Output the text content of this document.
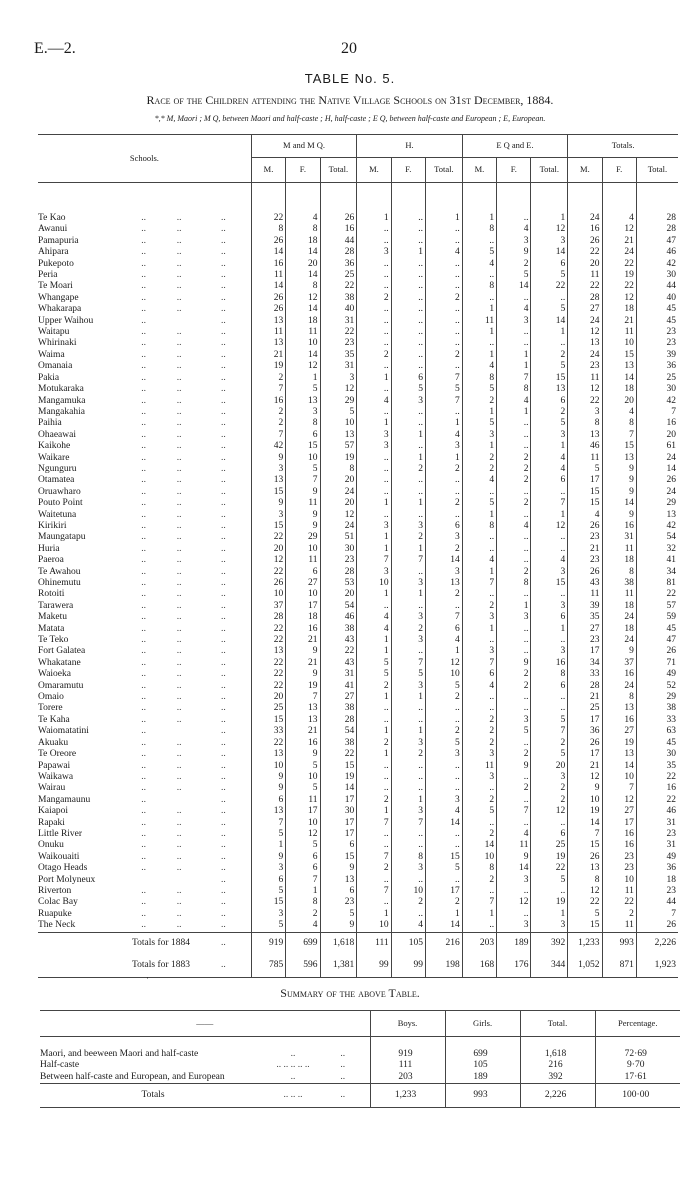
E.—2.	20
TABLE No. 5.
Race of the Children attending the Native Village Schools on 31st December, 1884.
*,* M, Maori ; M Q, between Maori and half-caste ; H, half-caste ; E Q, between half-caste and European ; E, European.
Schools.				M and M Q.			H.			E Q and E.			Totals.		
				M.	F.	Total.	M.	F.	Total.	M.	F.	Total.	M.	F.	Total.

Te Kao	..	..	..	22	4	26	1	..	1	1	..	1	24	4	28
Awanui	..	..	..	8	8	16	..	..	..	8	4	12	16	12	28
Pamapuria	..	..	..	26	18	44	..	..	..	..	3	3	26	21	47
Ahipara	..	..	..	14	14	28	3	1	4	5	9	14	22	24	46
Pukepoto	..	..	..	16	20	36	..	..	..	4	2	6	20	22	42
Peria	..	..	..	11	14	25	..	..	..	..	5	5	11	19	30
Te Moari	..	..	..	14	8	22	..	..	..	8	14	22	22	22	44
Whangape	..	..	..	26	12	38	2	..	2	..	..	..	28	12	40
Whakarapa	..	..	..	26	14	40	..	..	..	1	4	5	27	18	45
Upper Waihou	..		..	13	18	31	..	..	..	11	3	14	24	21	45
Waitapu	..	..	..	11	11	22	..	..	..	1	..	1	12	11	23
Whirinaki	..	..	..	13	10	23	..	..	..	..	..	..	13	10	23
Waima	..	..	..	21	14	35	2	..	2	1	1	2	24	15	39
Omanaia	..	..	..	19	12	31	..	..	..	4	1	5	23	13	36
Pakia	..	..	..	2	1	3	1	6	7	8	7	15	11	14	25
Motukaraka	..	..	..	7	5	12	..	5	5	5	8	13	12	18	30
Mangamuka	..	..	..	16	13	29	4	3	7	2	4	6	22	20	42
Mangakahia	..	..	..	2	3	5	..	..	..	1	1	2	3	4	7
Paihia	..	..	..	2	8	10	1	..	1	5	..	5	8	8	16
Ohaeawai	..	..	..	7	6	13	3	1	4	3	..	3	13	7	20
Kaikohe	..	..	..	42	15	57	3	..	3	1	..	1	46	15	61
Waikare	..	..	..	9	10	19	..	1	1	2	2	4	11	13	24
Ngunguru	..	..	..	3	5	8	..	2	2	2	2	4	5	9	14
Otamatea	..	..	..	13	7	20	..	..	..	4	2	6	17	9	26
Oruawharo	..	..	..	15	9	24	..	..	..	..	..	..	15	9	24
Pouto Point	..	..	..	9	11	20	1	1	2	5	2	7	15	14	29
Waitetuna	..	..	..	3	9	12	..	..	..	1	..	1	4	9	13
Kirikiri	..	..	..	15	9	24	3	3	6	8	4	12	26	16	42
Maungatapu	..	..	..	22	29	51	1	2	3	..	..	..	23	31	54
Huria	..	..	..	20	10	30	1	1	2	..	..	..	21	11	32
Paeroa	..	..	..	12	11	23	7	7	14	4	..	4	23	18	41
Te Awahou	..	..	..	22	6	28	3	..	3	1	2	3	26	8	34
Ohinemutu	..	..	..	26	27	53	10	3	13	7	8	15	43	38	81
Rotoiti	..	..	..	10	10	20	1	1	2	..	..	..	11	11	22
Tarawera	..	..	..	37	17	54	..	..	..	2	1	3	39	18	57
Maketu	..	..	..	28	18	46	4	3	7	3	3	6	35	24	59
Matata	..	..	..	22	16	38	4	2	6	1	..	1	27	18	45
Te Teko	..	..	..	22	21	43	1	3	4	..	..	..	23	24	47
Fort Galatea	..	..	..	13	9	22	1	..	1	3	..	3	17	9	26
Whakatane	..	..	..	22	21	43	5	7	12	7	9	16	34	37	71
Waioeka	..	..	..	22	9	31	5	5	10	6	2	8	33	16	49
Omaramutu	..	..	..	22	19	41	2	3	5	4	2	6	28	24	52
Omaio	..	..	..	20	7	27	1	1	2	..	..	..	21	8	29
Torere	..	..	..	25	13	38	..	..	..	..	..	..	25	13	38
Te Kaha	..	..	..	15	13	28	..	..	..	2	3	5	17	16	33
Waiomatatini	..		..	33	21	54	1	1	2	2	5	7	36	27	63
Akuaku	..	..	..	22	16	38	2	3	5	2	..	2	26	19	45
Te Oreore	..	..	..	13	9	22	1	2	3	3	2	5	17	13	30
Papawai	..	..	..	10	5	15	..	..	..	11	9	20	21	14	35
Waikawa	..	..	..	9	10	19	..	..	..	3	..	3	12	10	22
Wairau	..	..	..	9	5	14	..	..	..	..	2	2	9	7	16
Mangamaunu	..		..	6	11	17	2	1	3	2	..	2	10	12	22
Kaiapoi	..	..	..	13	17	30	1	3	4	5	7	12	19	27	46
Rapaki	..	..	..	7	10	17	7	7	14	..	..	..	14	17	31
Little River	..	..	..	5	12	17	..	..	..	2	4	6	7	16	23
Onuku	..	..	..	1	5	6	..	..	..	14	11	25	15	16	31
Waikouaiti	..	..	..	9	6	15	7	8	15	10	9	19	26	23	49
Otago Heads	..	..	..	3	6	9	2	3	5	8	14	22	13	23	36
Port Molyneux			..	6	7	13	..	..	..	2	3	5	8	10	18
Riverton	..	..	..	5	1	6	7	10	17	..	..	..	12	11	23
Colac Bay	..	..	..	15	8	23	..	2	2	7	12	19	22	22	44
Ruapuke	..	..	..	3	2	5	1	..	1	1	..	1	5	2	7
The Neck	..	..	..	5	4	9	10	4	14	..	3	3	15	11	26
Totals for 1884			..	919	699	1,618	111	105	216	203	189	392	1,233	993	2,226
Totals for 1883			..	785	596	1,381	99	99	198	168	176	344	1,052	871	1,923
·
Summary of the above Table.
——			Boys.	Girls.	Total.	Percentage.

Maori, and beeween Maori and half-caste	..	..	919	699	1,618	72·69
Half-caste	.. .. .. .. ..	..	111	105	216	9·70
Between half-caste and European, and European	..	..	203	189	392	17·61
Totals	.. .. ..	..	1,233	993	2,226	100·00
